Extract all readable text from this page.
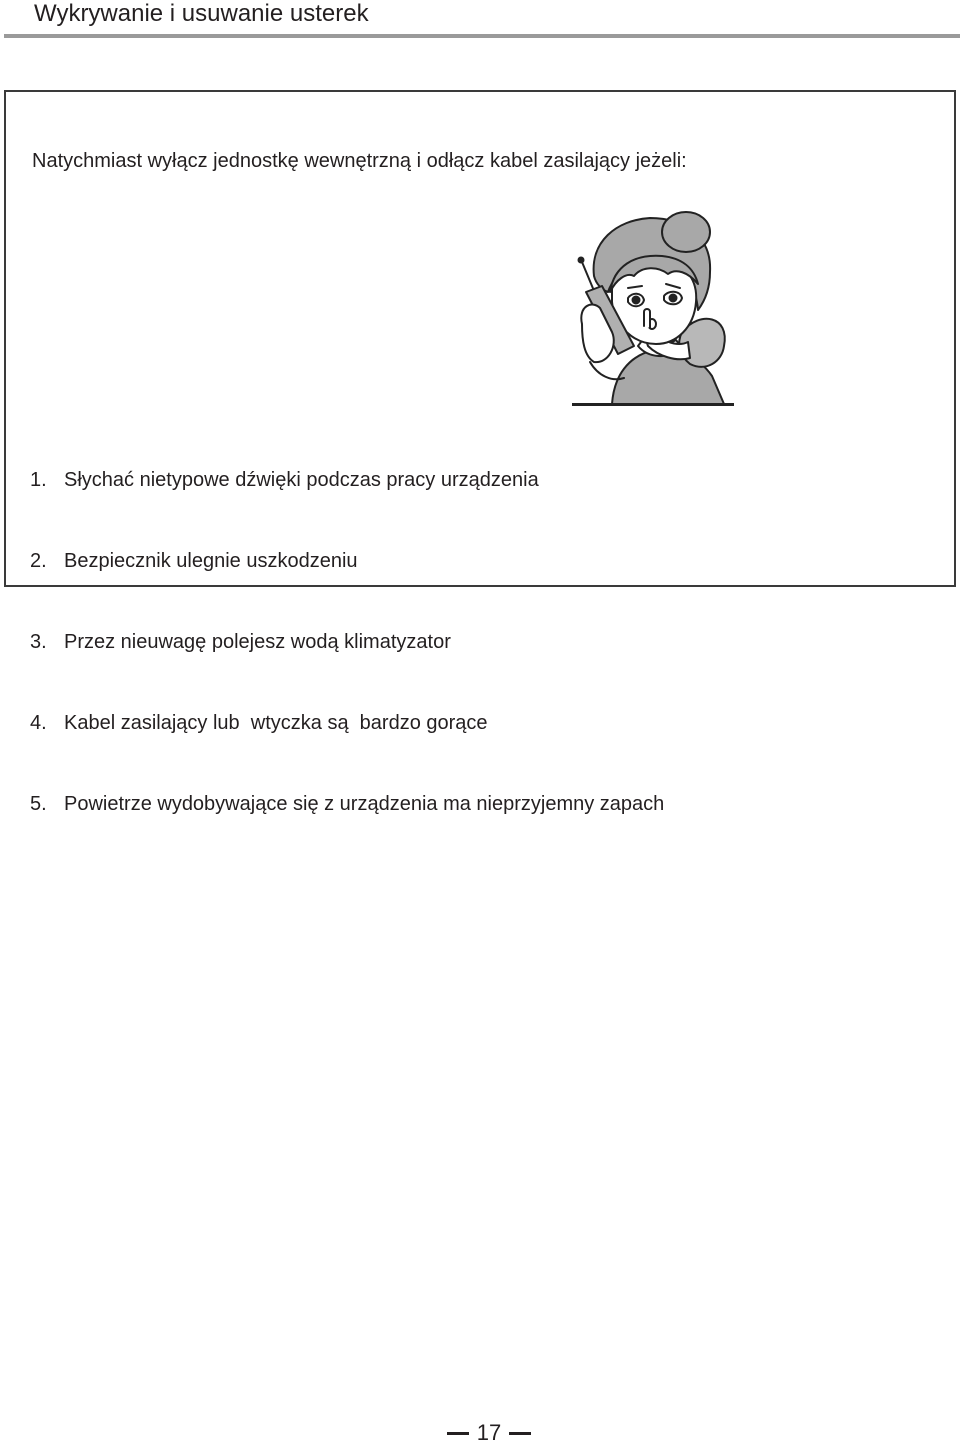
Wykrywanie i usuwanie usterek
Natychmiast wyłącz jednostkę wewnętrzną i odłącz kabel zasilający jeżeli:

1. Słychać nietypowe dźwięki podczas pracy urządzenia

2. Bezpiecznik ulegnie uszkodzeniu

3. Przez nieuwagę polejesz wodą klimatyzator

4. Kabel zasilający lub  wtyczka są  bardzo gorące

5. Powietrze wydobywające się z urządzenia ma nieprzyjemny zapach

17
